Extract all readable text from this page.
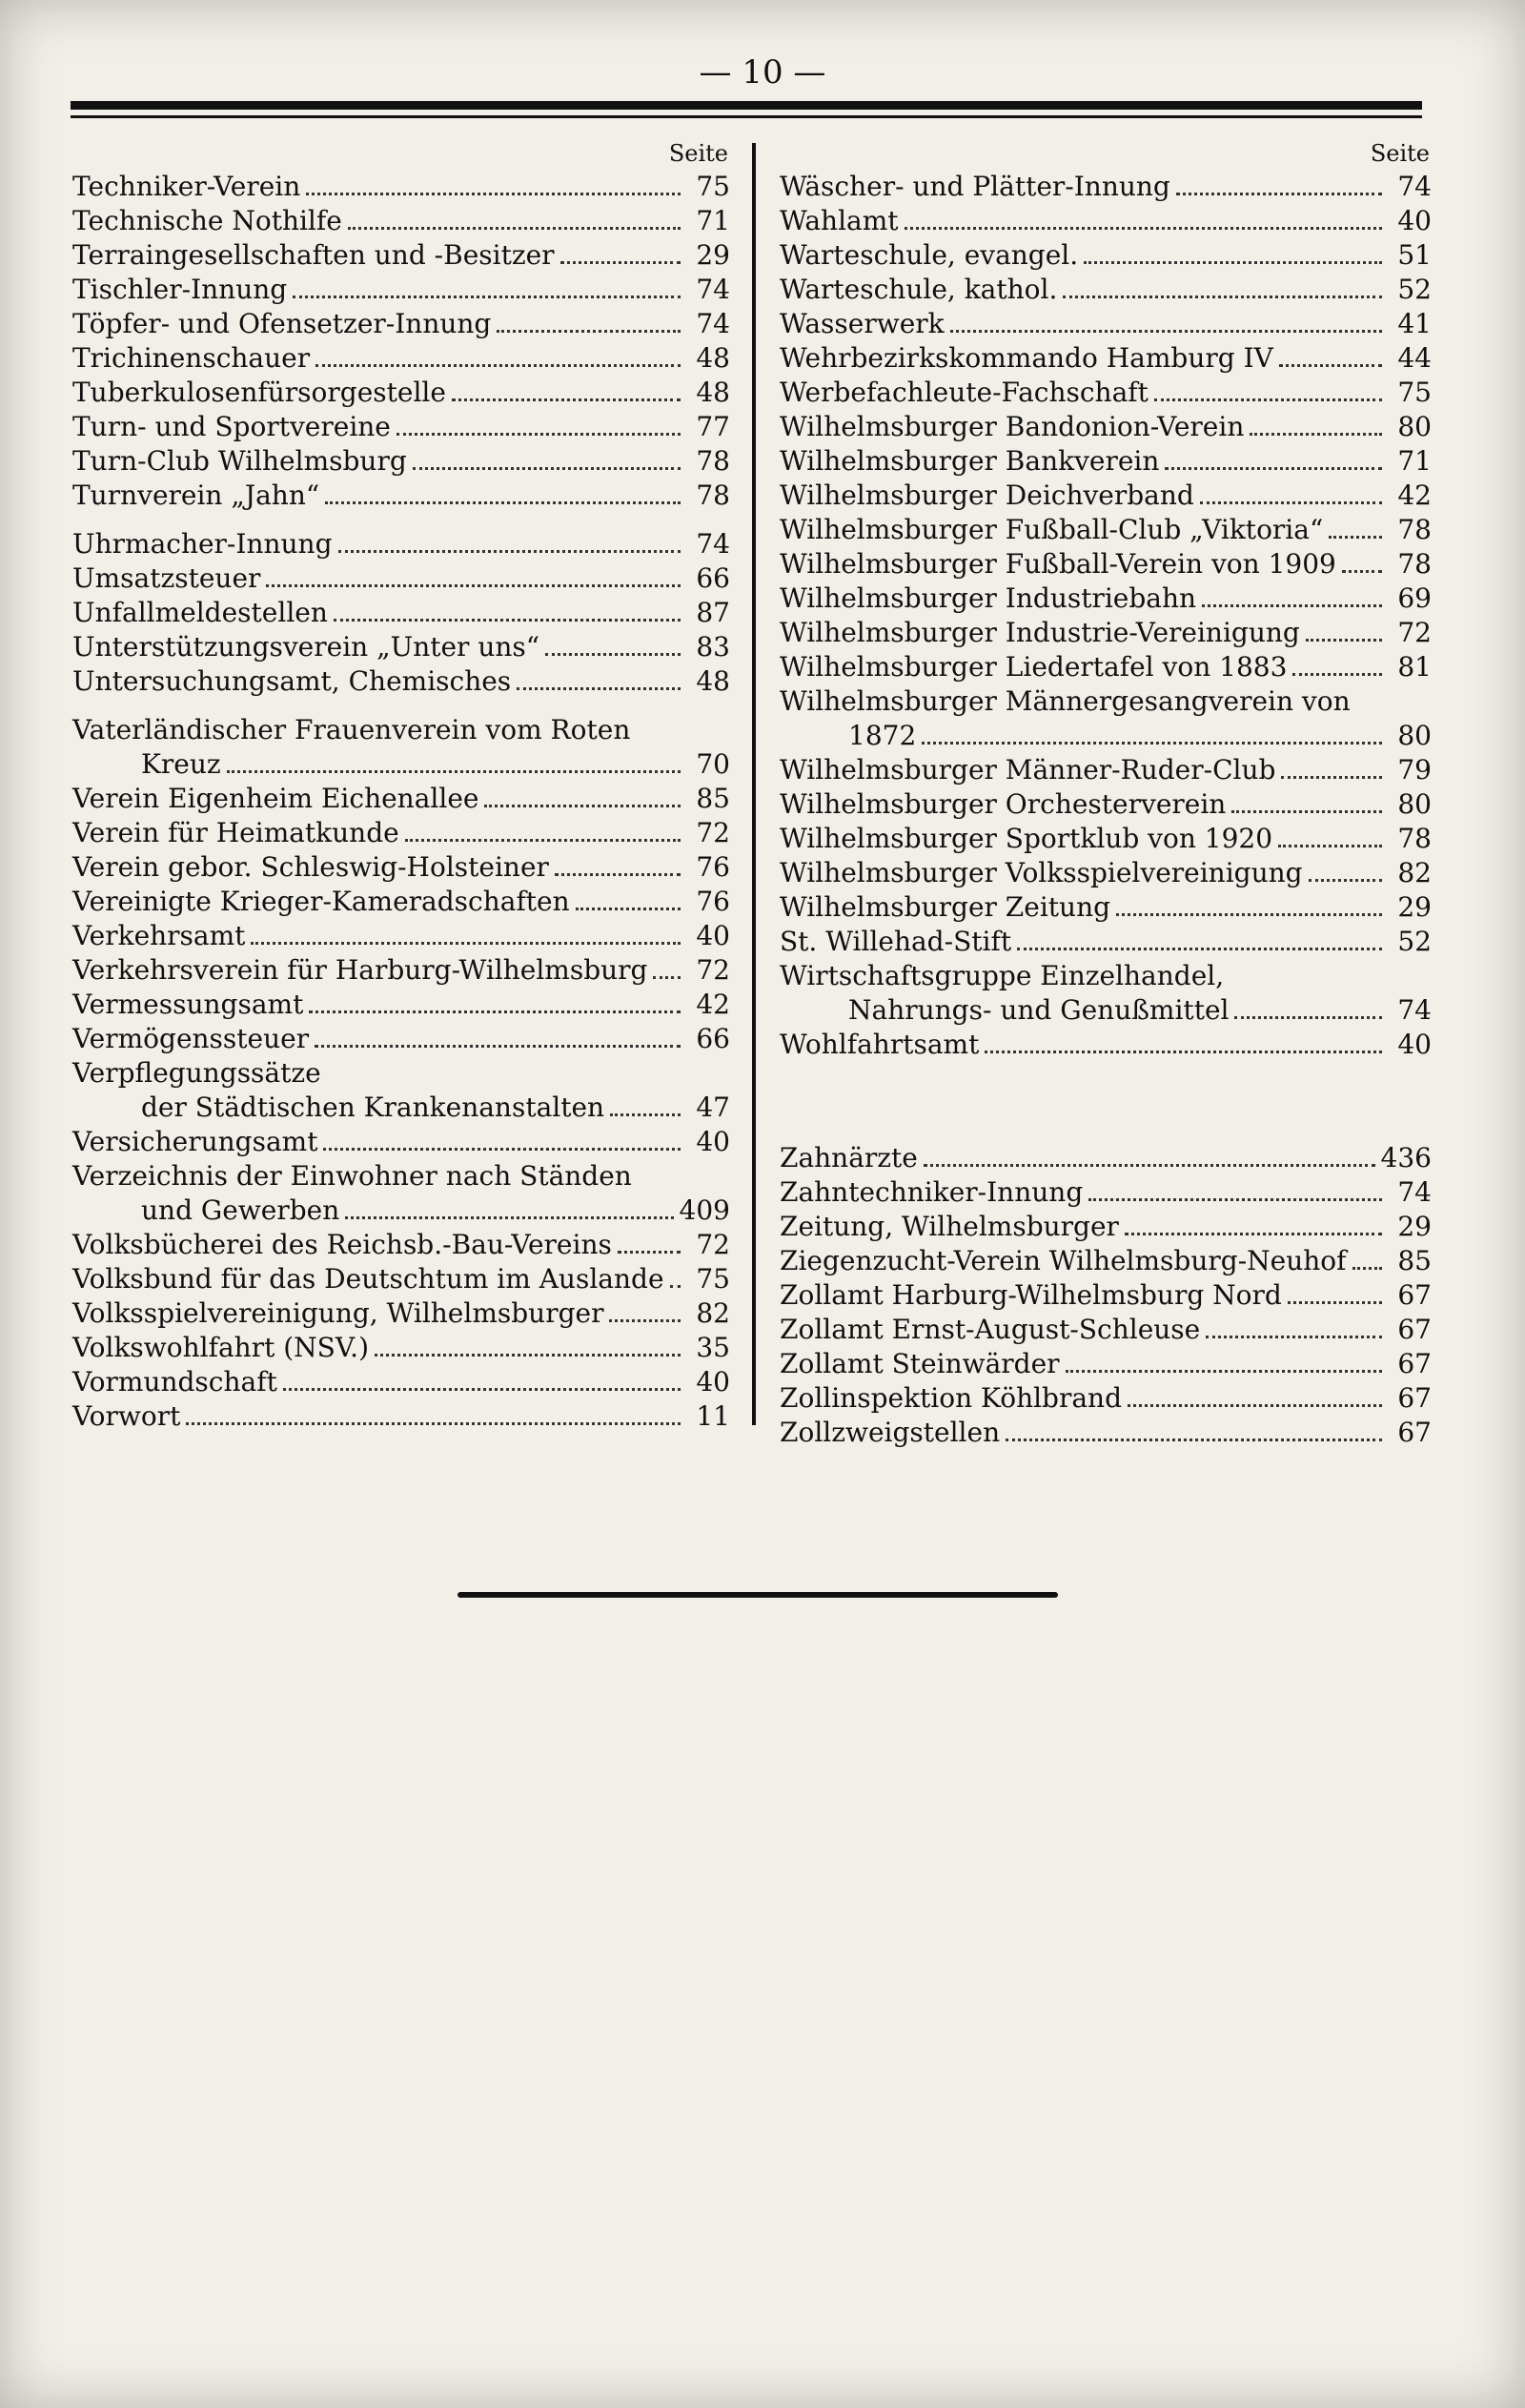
— 10 —
Seite
Techniker-Verein	75
Technische Nothilfe	71
Terraingesellschaften und -Besitzer	29
Tischler-Innung	74
Töpfer- und Ofensetzer-Innung	74
Trichinenschauer	48
Tuberkulosenfürsorgestelle	48
Turn- und Sportvereine	77
Turn-Club Wilhelmsburg	78
Turnverein „Jahn“	78
Uhrmacher-Innung	74
Umsatzsteuer	66
Unfallmeldestellen	87
Unterstützungsverein „Unter uns“	83
Untersuchungsamt, Chemisches	48
Vaterländischer Frauenverein vom Roten
Kreuz	70
Verein Eigenheim Eichenallee	85
Verein für Heimatkunde	72
Verein gebor. Schleswig-Holsteiner	76
Vereinigte Krieger-Kameradschaften	76
Verkehrsamt	40
Verkehrsverein für Harburg-Wilhelmsburg	72
Vermessungsamt	42
Vermögenssteuer	66
Verpflegungssätze
der Städtischen Krankenanstalten	47
Versicherungsamt	40
Verzeichnis der Einwohner nach Ständen
und Gewerben	409
Volksbücherei des Reichsb.-Bau-Vereins	72
Volksbund für das Deutschtum im Auslande	75
Volksspielvereinigung, Wilhelmsburger	82
Volkswohlfahrt (NSV.)	35
Vormundschaft	40
Vorwort	11
Seite
Wäscher- und Plätter-Innung	74
Wahlamt	40
Warteschule, evangel.	51
Warteschule, kathol.	52
Wasserwerk	41
Wehrbezirkskommando Hamburg IV	44
Werbefachleute-Fachschaft	75
Wilhelmsburger Bandonion-Verein	80
Wilhelmsburger Bankverein	71
Wilhelmsburger Deichverband	42
Wilhelmsburger Fußball-Club „Viktoria“	78
Wilhelmsburger Fußball-Verein von 1909	78
Wilhelmsburger Industriebahn	69
Wilhelmsburger Industrie-Vereinigung	72
Wilhelmsburger Liedertafel von 1883	81
Wilhelmsburger Männergesangverein von
1872	80
Wilhelmsburger Männer-Ruder-Club	79
Wilhelmsburger Orchesterverein	80
Wilhelmsburger Sportklub von 1920	78
Wilhelmsburger Volksspielvereinigung	82
Wilhelmsburger Zeitung	29
St. Willehad-Stift	52
Wirtschaftsgruppe Einzelhandel,
Nahrungs- und Genußmittel	74
Wohlfahrtsamt	40
Zahnärzte	436
Zahntechniker-Innung	74
Zeitung, Wilhelmsburger	29
Ziegenzucht-Verein Wilhelmsburg-Neuhof	85
Zollamt Harburg-Wilhelmsburg Nord	67
Zollamt Ernst-August-Schleuse	67
Zollamt Steinwärder	67
Zollinspektion Köhlbrand	67
Zollzweigstellen	67
